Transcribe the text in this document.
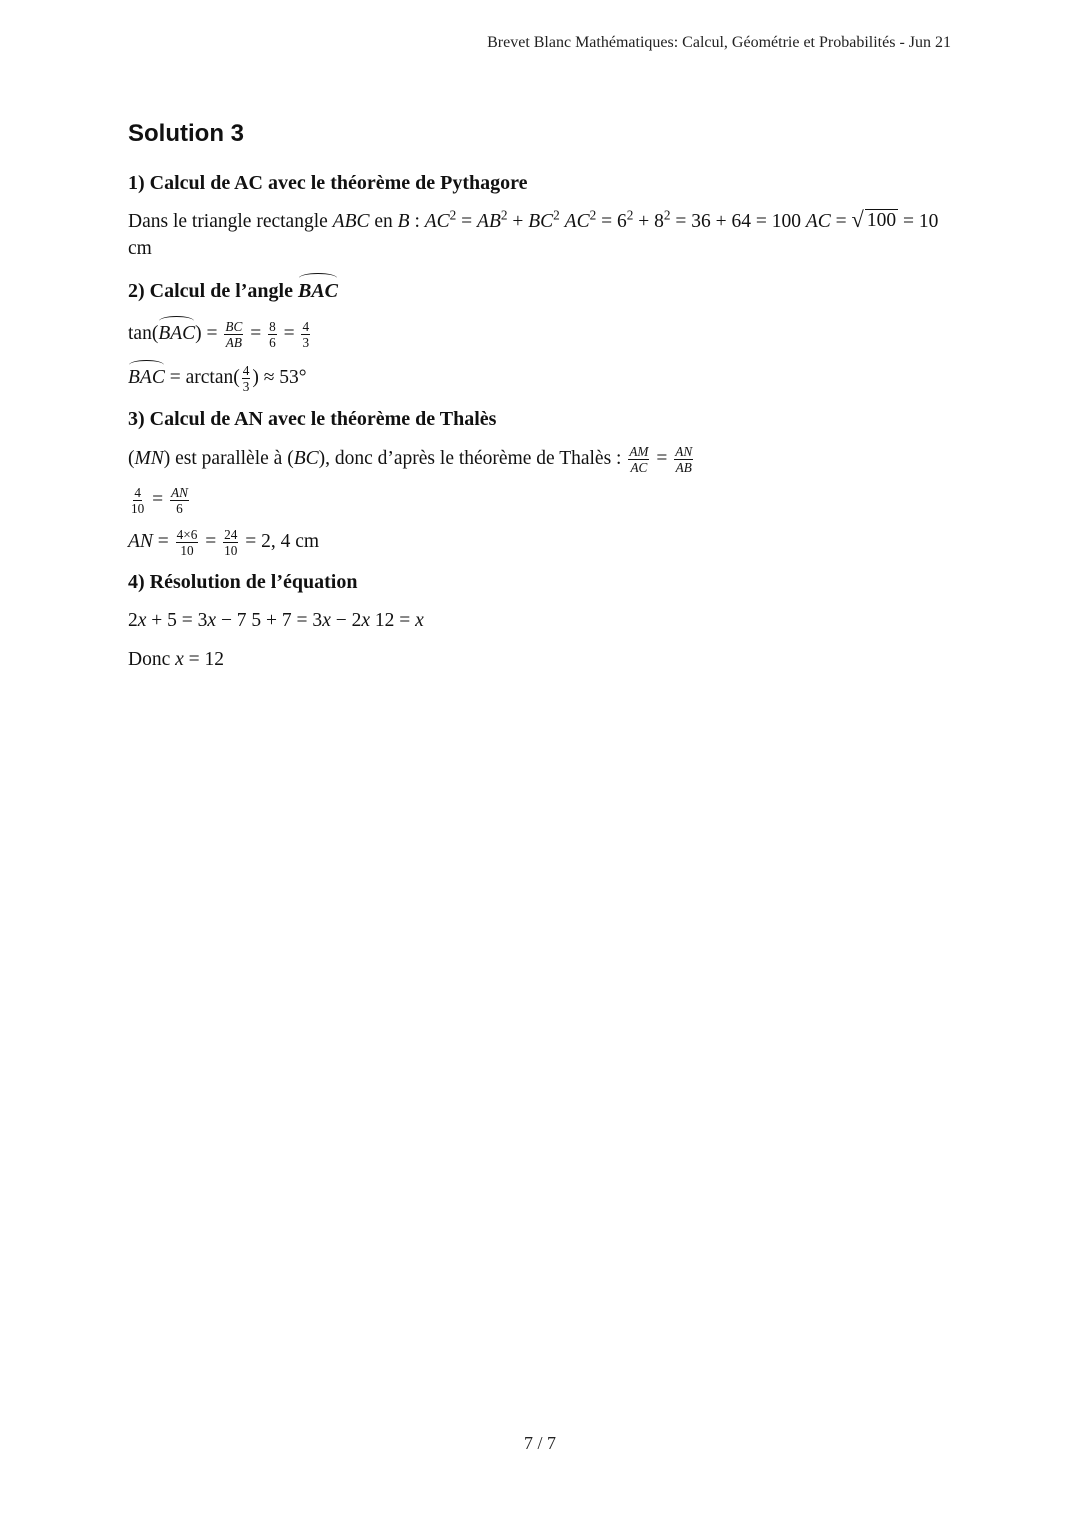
Brevet Blanc Mathématiques: Calcul, Géométrie et Probabilités - Jun 21
Solution 3
1) Calcul de AC avec le théorème de Pythagore
Dans le triangle rectangle ABC en B : $AC^2 = AB^2 + BC^2$ $AC^2 = 6^2 + 8^2 = 36 + 64 = 100$ AC = √ 100 = 10 cm
2) Calcul de l’angle BAC
$\tan(BAC) = \frac{BC}{AB} = \frac{8}{6} = \frac{4}{3}$
BAC = $\arctan( \frac{4}{3}$ ) ≈ 53°
3) Calcul de AN avec le théorème de Thalès
(MN) est parallèle à (BC), donc d’après le théorème de Thalès : $\frac{AM}{AC} = \frac{AN}{AB}$
$\frac{4}{10} = \frac{AN}{6}$
AN = $\frac{4\times 6}{10} = \frac{24}{10} = 2$, 4 cm
4) Résolution de l’équation
2x + 5 = 3x − 7 5 + 7 = 3x − 2x 12 = x
Donc x = 12
7 / 7
